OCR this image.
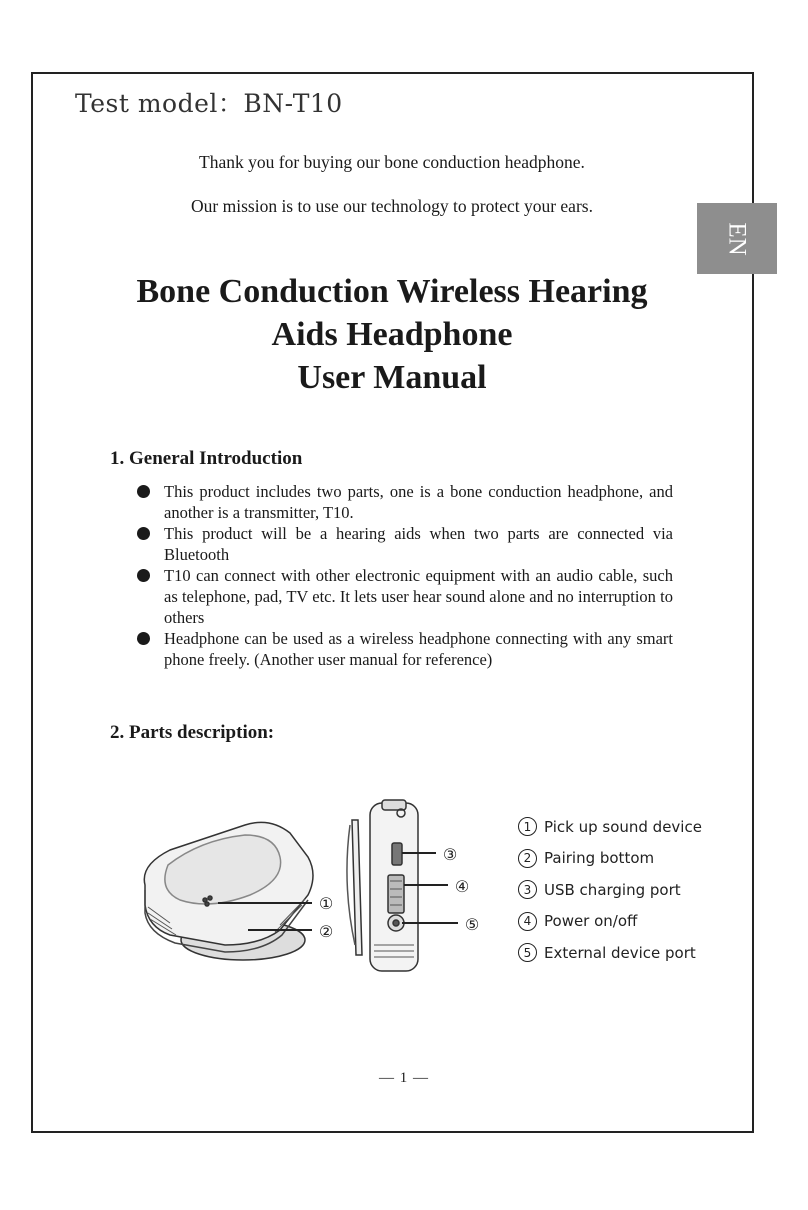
Test model：BN-T10
EN
Thank you for buying our bone conduction headphone.
Our mission is to use our technology to protect your ears.
Bone Conduction Wireless Hearing
Aids Headphone
User Manual
1. General Introduction
This product includes two parts, one is a bone conduction headphone, and another is a transmitter, T10.
This product will be a hearing aids when two parts are connected via Bluetooth
T10 can connect with other electronic equipment with an audio cable, such as telephone, pad, TV etc. It lets user hear sound alone and no interruption to others
Headphone can be used as a wireless headphone connecting with any smart phone freely. (Another user manual for reference)
2. Parts description:
①
②
③
④
⑤
1 Pick up sound device
2 Pairing bottom
3 USB charging port
4 Power on/off
5 External device port
— 1 —
